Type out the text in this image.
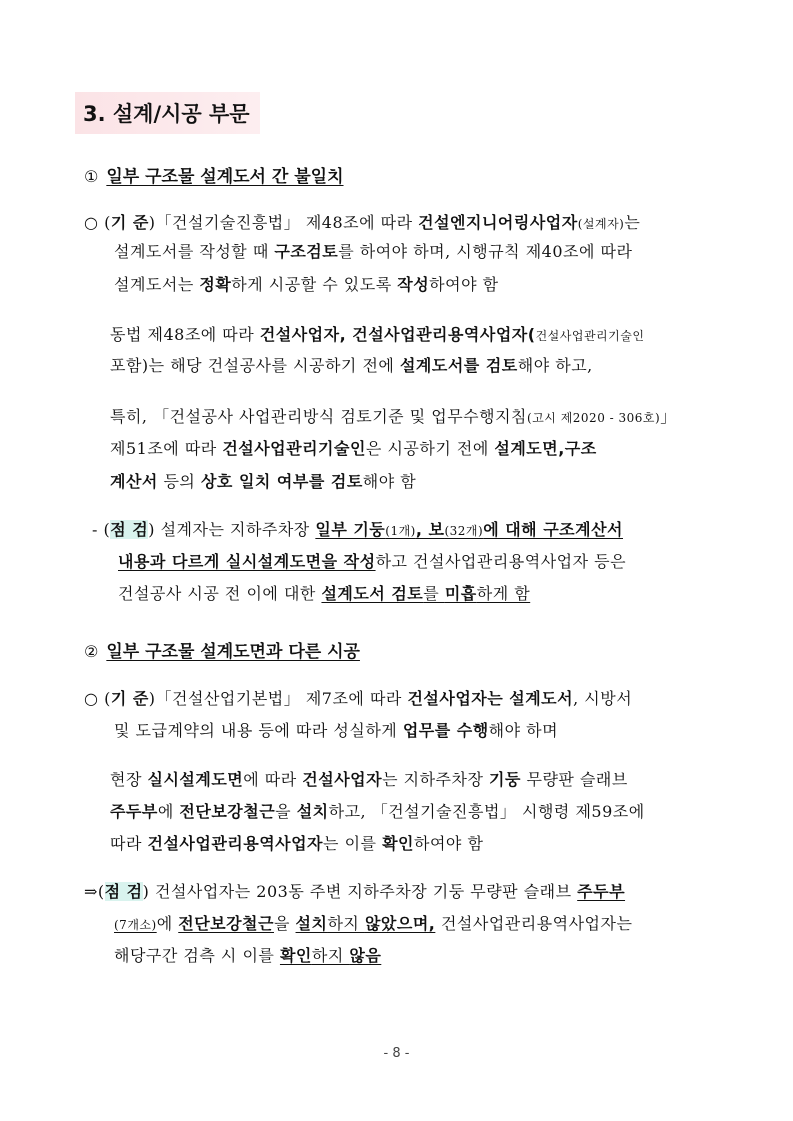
3. 설계/시공 부문
① 일부 구조물 설계도서 간 불일치
○ (기 준)「건설기술진흥법」 제48조에 따라 건설엔지니어링사업자(설계자)는
설계도서를 작성할 때 구조검토를 하여야 하며, 시행규칙 제40조에 따라
설계도서는 정확하게 시공할 수 있도록 작성하여야 함
동법 제48조에 따라 건설사업자, 건설사업관리용역사업자(건설사업관리기술인
포함)는 해당 건설공사를 시공하기 전에 설계도서를 검토해야 하고,
특히, 「건설공사 사업관리방식 검토기준 및 업무수행지침(고시 제2020 - 306호)」
제51조에 따라 건설사업관리기술인은 시공하기 전에 설계도면,구조
계산서 등의 상호 일치 여부를 검토해야 함
- (점 검) 설계자는 지하주차장 일부 기둥(1개), 보(32개)에 대해 구조계산서
내용과 다르게 실시설계도면을 작성하고 건설사업관리용역사업자 등은
건설공사 시공 전 이에 대한 설계도서 검토를 미흡하게 함
② 일부 구조물 설계도면과 다른 시공
○ (기 준)「건설산업기본법」 제7조에 따라 건설사업자는 설계도서, 시방서
및 도급계약의 내용 등에 따라 성실하게 업무를 수행해야 하며
현장 실시설계도면에 따라 건설사업자는 지하주차장 기둥 무량판 슬래브
주두부에 전단보강철근을 설치하고, 「건설기술진흥법」 시행령 제59조에
따라 건설사업관리용역사업자는 이를 확인하여야 함
⇒(점 검) 건설사업자는 203동 주변 지하주차장 기둥 무량판 슬래브 주두부
(7개소)에 전단보강철근을 설치하지 않았으며, 건설사업관리용역사업자는
해당구간 검측 시 이를 확인하지 않음
- 8 -
